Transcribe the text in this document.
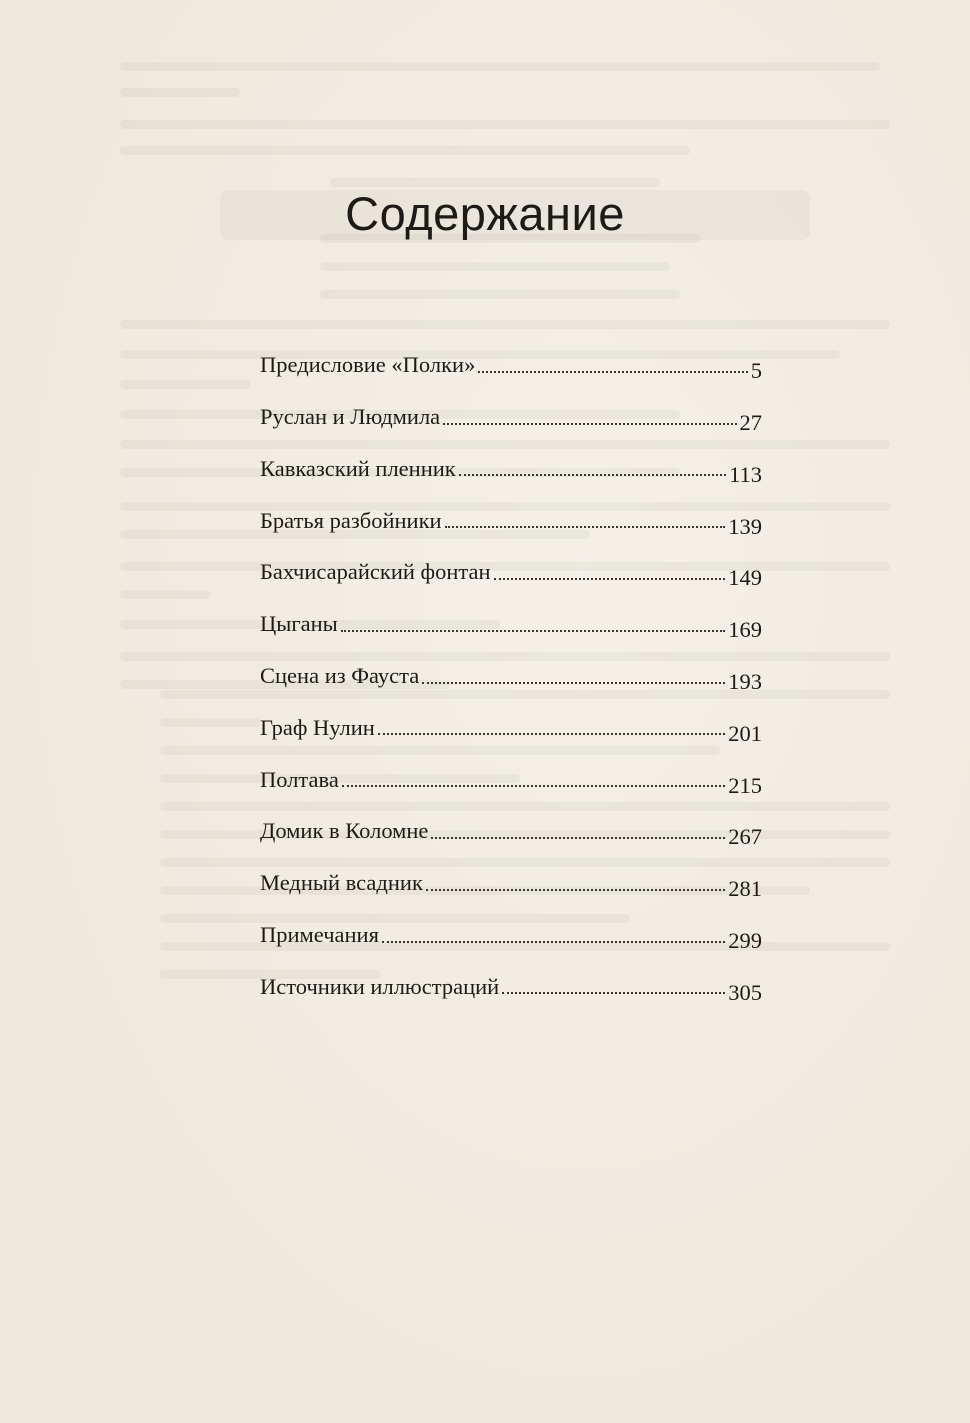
Содержание
Предисловие «Полки»	5
Руслан и Людмила	27
Кавказский пленник	113
Братья разбойники	139
Бахчисарайский фонтан	149
Цыганы	169
Сцена из Фауста	193
Граф Нулин	201
Полтава	215
Домик в Коломне	267
Медный всадник	281
Примечания	299
Источники иллюстраций	305
